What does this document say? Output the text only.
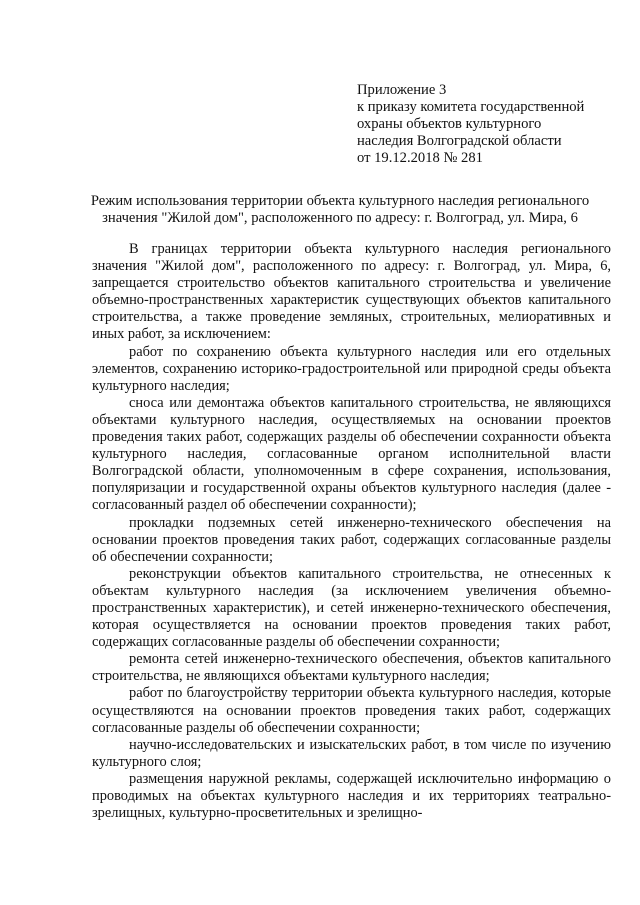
Приложение 3
к приказу комитета государственной
охраны объектов культурного
наследия Волгоградской области
от 19.12.2018 № 281
Режим использования территории объекта культурного наследия регионального
значения "Жилой дом", расположенного по адресу: г. Волгоград, ул. Мира, 6

В границах территории объекта культурного наследия регионального значения "Жилой дом", расположенного по адресу: г. Волгоград, ул. Мира, 6, запрещается строительство объектов капитального строительства и увеличение объемно-пространственных характеристик существующих объектов капитального строительства, а также проведение земляных, строительных, мелиоративных и иных работ, за исключением:

работ по сохранению объекта культурного наследия или его отдельных элементов, сохранению историко-градостроительной или природной среды объекта культурного наследия;

сноса или демонтажа объектов капитального строительства, не являющихся объектами культурного наследия, осуществляемых на основании проектов проведения таких работ, содержащих разделы об обеспечении сохранности объекта культурного наследия, согласованные органом исполнительной власти Волгоградской области, уполномоченным в сфере сохранения, использования, популяризации и государственной охраны объектов культурного наследия (далее - согласованный раздел об обеспечении сохранности);

прокладки подземных сетей инженерно-технического обеспечения на основании проектов проведения таких работ, содержащих согласованные разделы об обеспечении сохранности;

реконструкции объектов капитального строительства, не отнесенных к объектам культурного наследия (за исключением увеличения объемно-пространственных характеристик), и сетей инженерно-технического обеспечения, которая осуществляется на основании проектов проведения таких работ, содержащих согласованные разделы об обеспечении сохранности;

ремонта сетей инженерно-технического обеспечения, объектов капитального строительства, не являющихся объектами культурного наследия;

работ по благоустройству территории объекта культурного наследия, которые осуществляются на основании проектов проведения таких работ, содержащих согласованные разделы об обеспечении сохранности;

научно-исследовательских и изыскательских работ, в том числе по изучению культурного слоя;

размещения наружной рекламы, содержащей исключительно информацию о проводимых на объектах культурного наследия и их территориях театрально-зрелищных, культурно-просветительных и зрелищно-
